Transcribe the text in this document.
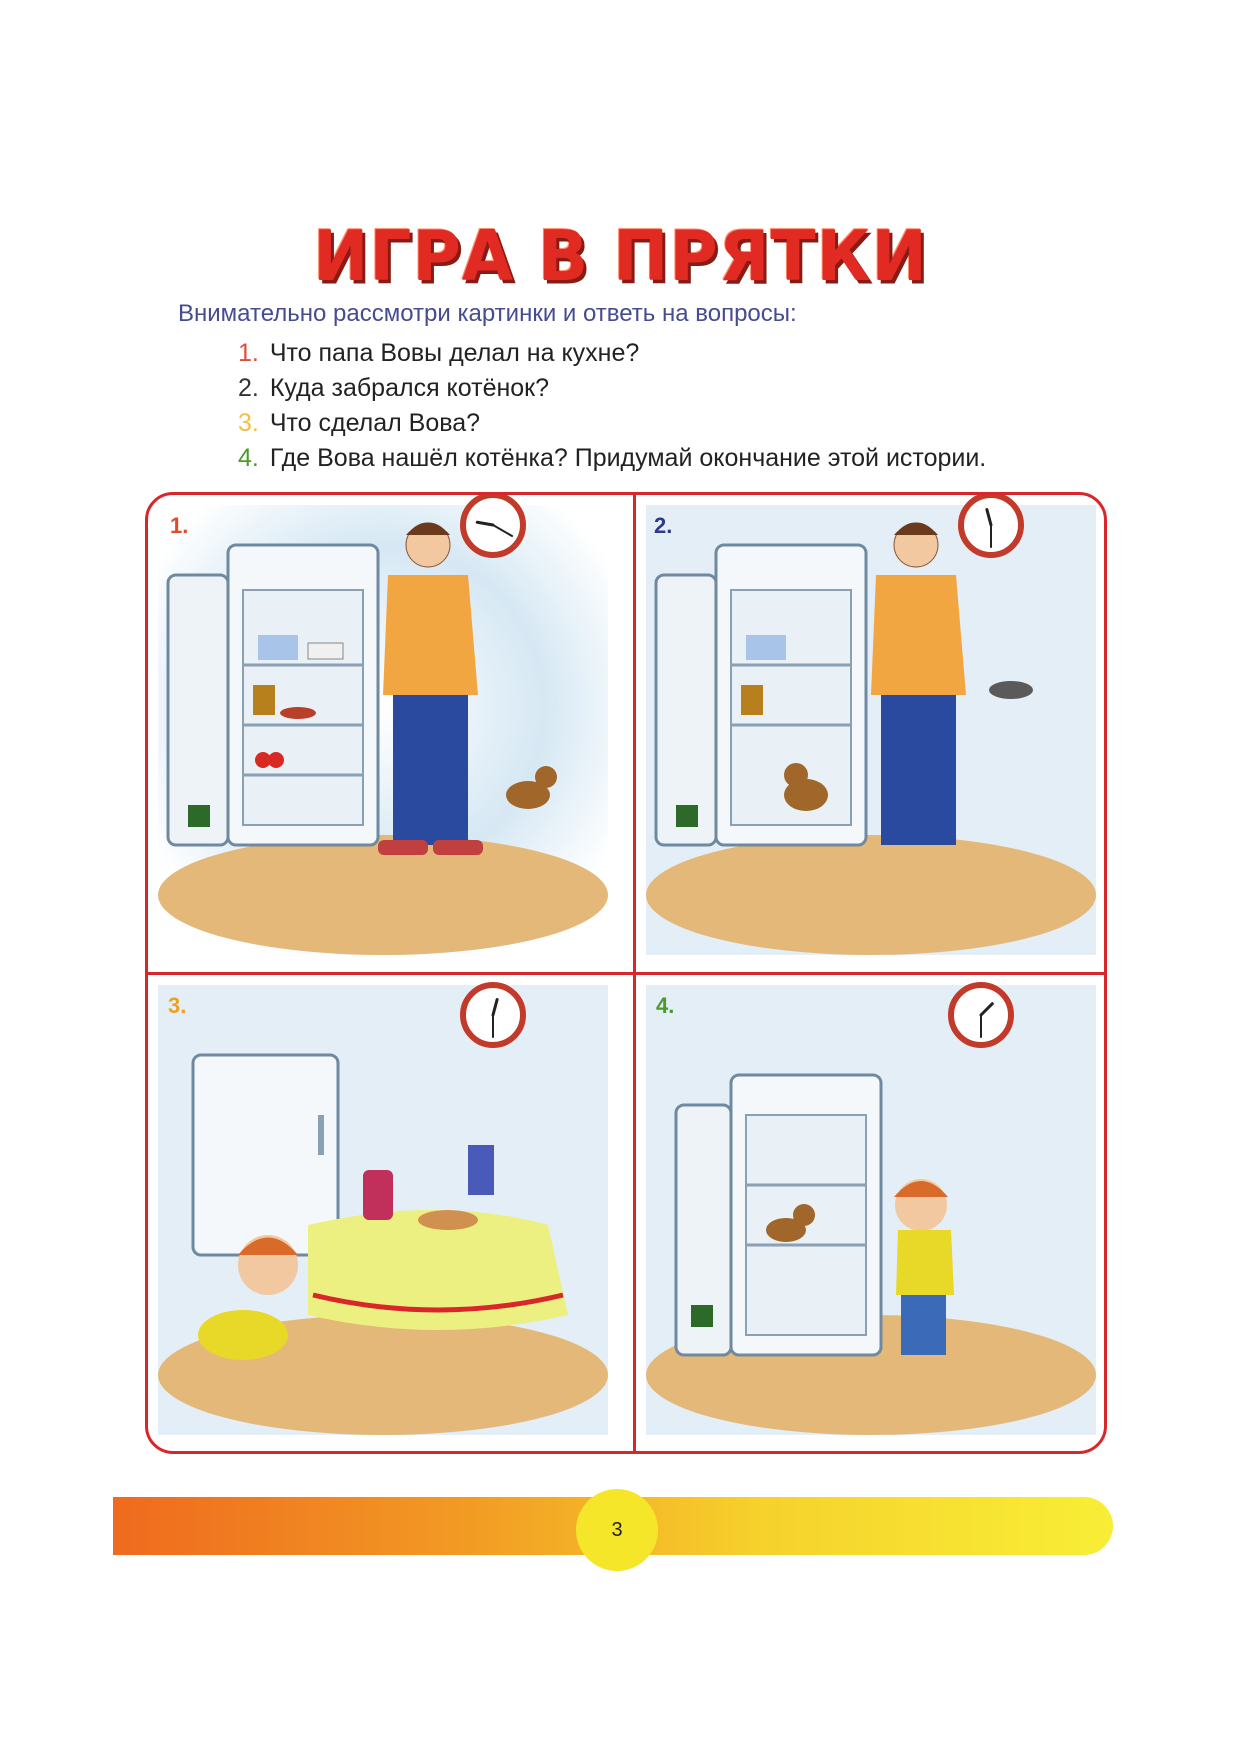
ИГРА В ПРЯТКИ
Внимательно рассмотри картинки и ответь на вопросы:
1. Что папа Вовы делал на кухне?
2. Куда забрался котёнок?
3. Что сделал Вова?
4. Где Вова нашёл котёнка? Придумай окончание этой истории.
1.	2.
3.	4.
3
